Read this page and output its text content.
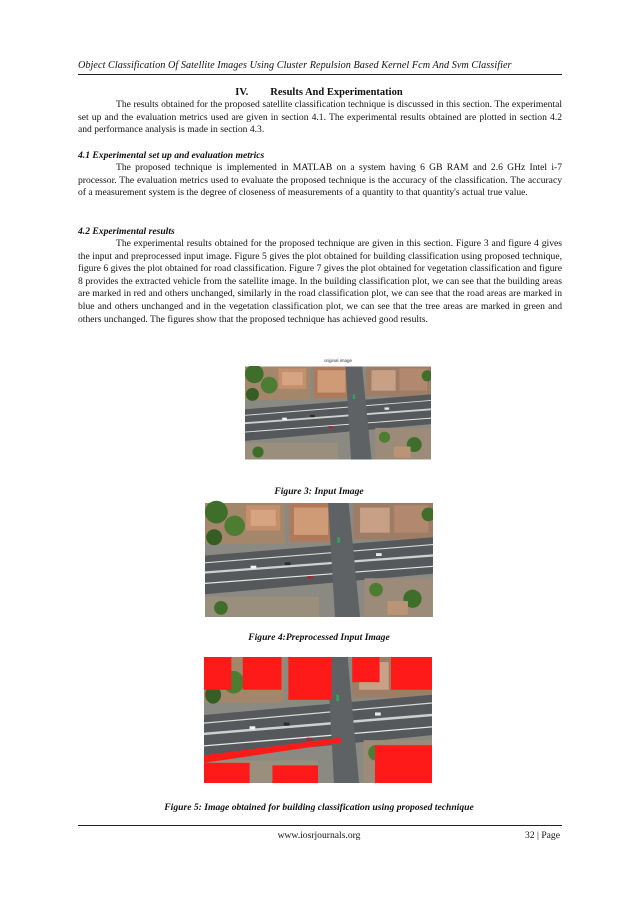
Object Classification Of Satellite Images Using Cluster Repulsion Based Kernel Fcm And Svm Classifier
IV. Results And Experimentation
The results obtained for the proposed satellite classification technique is discussed in this section. The experimental set up and the evaluation metrics used are given in section 4.1. The experimental results obtained are plotted in section 4.2 and performance analysis is made in section 4.3.
4.1 Experimental set up and evaluation metrics
The proposed technique is implemented in MATLAB on a system having 6 GB RAM and 2.6 GHz Intel i-7 processor. The evaluation metrics used to evaluate the proposed technique is the accuracy of the classification. The accuracy of a measurement system is the degree of closeness of measurements of a quantity to that quantity's actual true value.
4.2 Experimental results
The experimental results obtained for the proposed technique are given in this section. Figure 3 and figure 4 gives the input and preprocessed input image. Figure 5 gives the plot obtained for building classification using proposed technique, figure 6 gives the plot obtained for road classification. Figure 7 gives the plot obtained for vegetation classification and figure 8 provides the extracted vehicle from the satellite image. In the building classification plot, we can see that the building areas are marked in red and others unchanged, similarly in the road classification plot, we can see that the road areas are marked in blue and others unchanged and in the vegetation classification plot, we can see that the tree areas are marked in green and others unchanged. The figures show that the proposed technique has achieved good results.
original image
Figure 3: Input Image
Figure 4:Preprocessed Input Image
Figure 5: Image obtained for building classification using proposed technique
www.iosrjournals.org	32 | Page
